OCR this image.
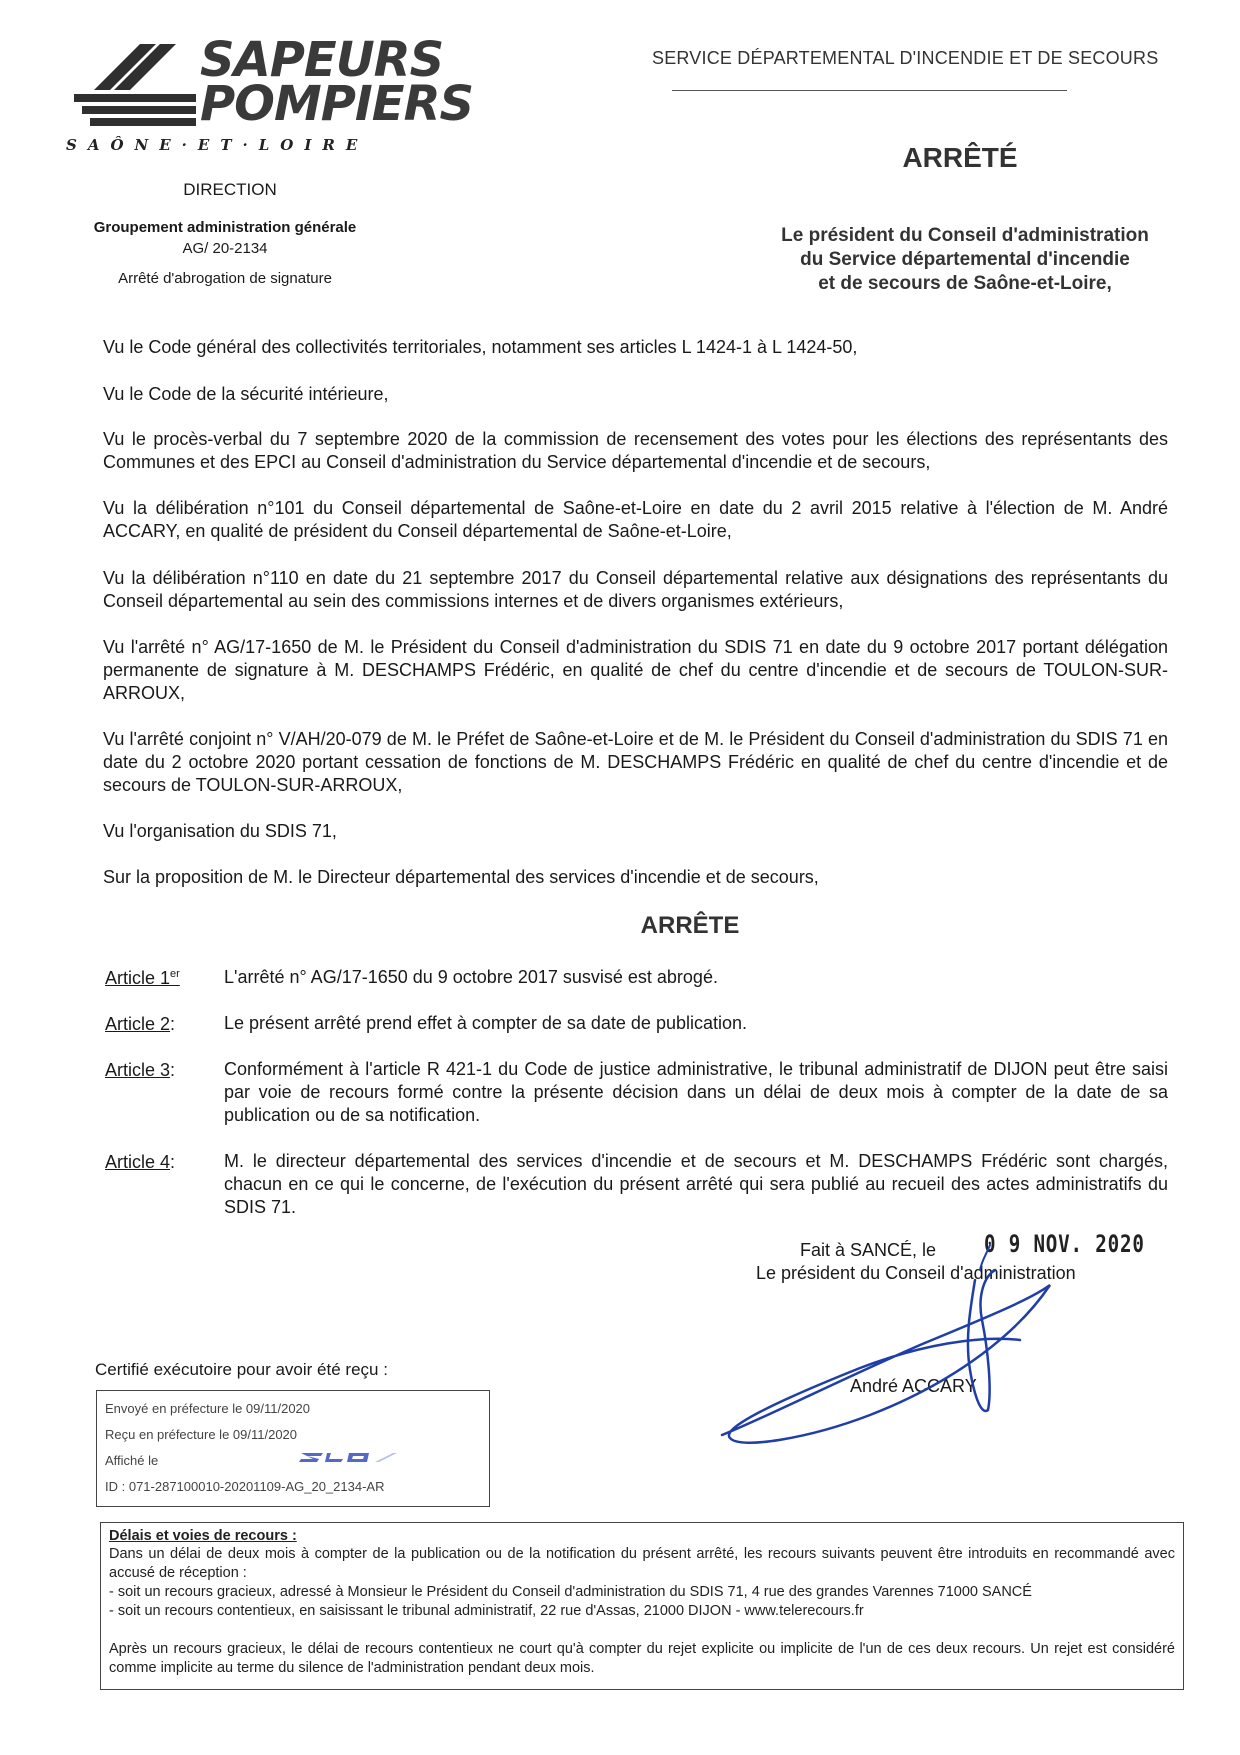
SAPEURS
POMPIERS
SAÔNE·ET·LOIRE
SERVICE DÉPARTEMENTAL D'INCENDIE ET DE SECOURS
DIRECTION
Groupement administration générale
AG/ 20-2134
Arrêté d'abrogation de signature
ARRÊTÉ
Le président du Conseil d'administration
du Service départemental d'incendie
et de secours de Saône-et-Loire,
Vu le Code général des collectivités territoriales, notamment ses articles L 1424-1 à L 1424-50,
Vu le Code de la sécurité intérieure,
Vu le procès-verbal du 7 septembre 2020 de la commission de recensement des votes pour les élections des représentants des Communes et des EPCI au Conseil d'administration du Service départemental d'incendie et de secours,
Vu la délibération n°101 du Conseil départemental de Saône-et-Loire en date du 2 avril 2015 relative à l'élection de M. André ACCARY, en qualité de président du Conseil départemental de Saône-et-Loire,
Vu la délibération n°110 en date du 21 septembre 2017 du Conseil départemental relative aux désignations des représentants du Conseil départemental au sein des commissions internes et de divers organismes extérieurs,
Vu l'arrêté n° AG/17-1650 de M. le Président du Conseil d'administration du SDIS 71 en date du 9 octobre 2017 portant délégation permanente de signature à M. DESCHAMPS Frédéric, en qualité de chef du centre d'incendie et de secours de TOULON-SUR-ARROUX,
Vu l'arrêté conjoint n° V/AH/20-079 de M. le Préfet de Saône-et-Loire et de M. le Président du Conseil d'administration du SDIS 71 en date du 2 octobre 2020 portant cessation de fonctions de M. DESCHAMPS Frédéric en qualité de chef du centre d'incendie et de secours de TOULON-SUR-ARROUX,
Vu l'organisation du SDIS 71,
Sur la proposition de M. le Directeur départemental des services d'incendie et de secours,
ARRÊTE
Article 1er	L'arrêté n° AG/17-1650 du 9 octobre 2017 susvisé est abrogé.
Article 2:	Le présent arrêté prend effet à compter de sa date de publication.
Article 3:	Conformément à l'article R 421-1 du Code de justice administrative, le tribunal administratif de DIJON peut être saisi par voie de recours formé contre la présente décision dans un délai de deux mois à compter de la date de sa publication ou de sa notification.
Article 4:	M. le directeur départemental des services d'incendie et de secours et M. DESCHAMPS Frédéric sont chargés, chacun en ce qui le concerne, de l'exécution du présent arrêté qui sera publié au recueil des actes administratifs du SDIS 71.
Fait à SANCÉ, le 0 9 NOV. 2020
Le président du Conseil d'administration
André ACCARY
Certifié exécutoire pour avoir été reçu :
Envoyé en préfecture le 09/11/2020
Reçu en préfecture le 09/11/2020
Affiché le
ID : 071-287100010-20201109-AG_20_2134-AR
Délais et voies de recours :
Dans un délai de deux mois à compter de la publication ou de la notification du présent arrêté, les recours suivants peuvent être introduits en recommandé avec accusé de réception :
- soit un recours gracieux, adressé à Monsieur le Président du Conseil d'administration du SDIS 71, 4 rue des grandes Varennes 71000 SANCÉ
- soit un recours contentieux, en saisissant le tribunal administratif, 22 rue d'Assas, 21000 DIJON - www.telerecours.fr
Après un recours gracieux, le délai de recours contentieux ne court qu'à compter du rejet explicite ou implicite de l'un de ces deux recours. Un rejet est considéré comme implicite au terme du silence de l'administration pendant deux mois.
